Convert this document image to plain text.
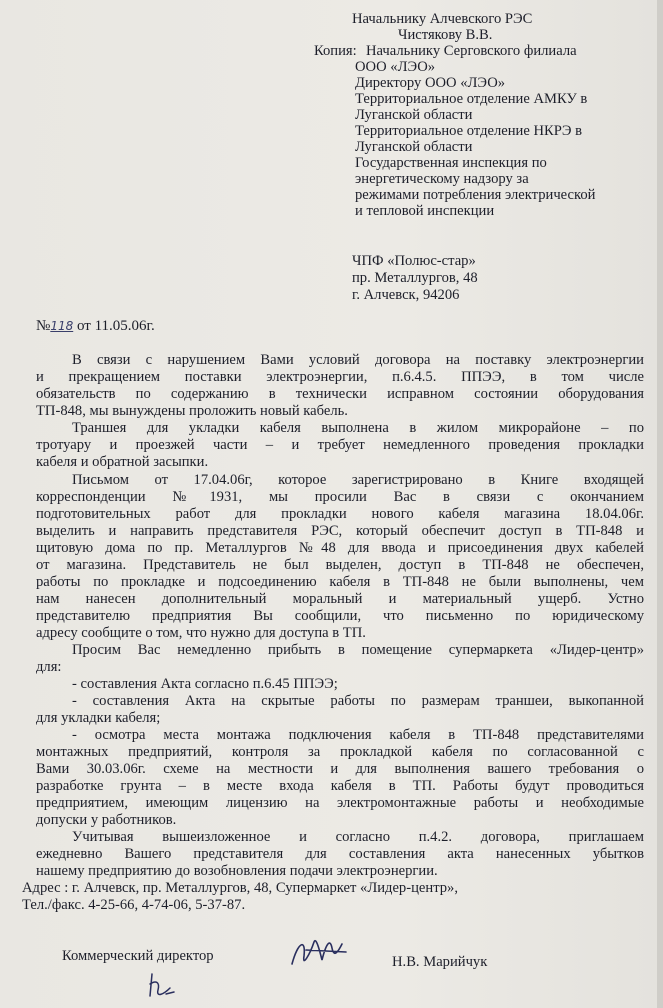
Начальнику Алчевского РЭС
Чистякову В.В.
Копия: Начальнику Серговского филиала
ООО «ЛЭО»
Директору ООО «ЛЭО»
Территориальное отделение АМКУ в
Луганской области
Территориальное отделение НКРЭ в
Луганской области
Государственная инспекция по
энергетическому надзору за
режимами потребления электрической
и тепловой инспекции
ЧПФ «Полюс-стар»
пр. Металлургов, 48
г. Алчевск, 94206
№118 от 11.05.06г.
В связи с нарушением Вами условий договора на поставку электроэнергии
и прекращением поставки электроэнергии, п.6.4.5. ППЭЭ, в том числе
обязательств по содержанию в технически исправном состоянии оборудования
ТП-848, мы вынуждены проложить новый кабель.
Траншея для укладки кабеля выполнена в жилом микрорайоне – по
тротуару и проезжей части – и требует немедленного проведения прокладки
кабеля и обратной засыпки.
Письмом от 17.04.06г, которое зарегистрировано в Книге входящей
корреспонденции №1931, мы просили Вас в связи с окончанием
подготовительных работ для прокладки нового кабеля магазина 18.04.06г.
выделить и направить представителя РЭС, который обеспечит доступ в ТП-848 и
щитовую дома по пр. Металлургов №48 для ввода и присоединения двух кабелей
от магазина. Представитель не был выделен, доступ в ТП-848 не обеспечен,
работы по прокладке и подсоединению кабеля в ТП-848 не были выполнены, чем
нам нанесен дополнительный моральный и материальный ущерб. Устно
представителю предприятия Вы сообщили, что письменно по юридическому
адресу сообщите о том, что нужно для доступа в ТП.
Просим Вас немедленно прибыть в помещение супермаркета «Лидер-центр»
для:
- составления Акта согласно п.6.45 ППЭЭ;
- составления Акта на скрытые работы по размерам траншеи, выкопанной
для укладки кабеля;
- осмотра места монтажа подключения кабеля в ТП-848 представителями
монтажных предприятий, контроля за прокладкой кабеля по согласованной с
Вами 30.03.06г. схеме на местности и для выполнения вашего требования о
разработке грунта – в месте входа кабеля в ТП. Работы будут проводиться
предприятием, имеющим лицензию на электромонтажные работы и необходимые
допуски у работников.
Учитывая вышеизложенное и согласно п.4.2. договора, приглашаем
ежедневно Вашего представителя для составления акта нанесенных убытков
нашему предприятию до возобновления подачи электроэнергии.
Адрес : г. Алчевск, пр. Металлургов, 48, Супермаркет «Лидер-центр»,
Тел./факс. 4-25-66, 4-74-06, 5-37-87.
Коммерческий директор	Н.В. Марийчук
